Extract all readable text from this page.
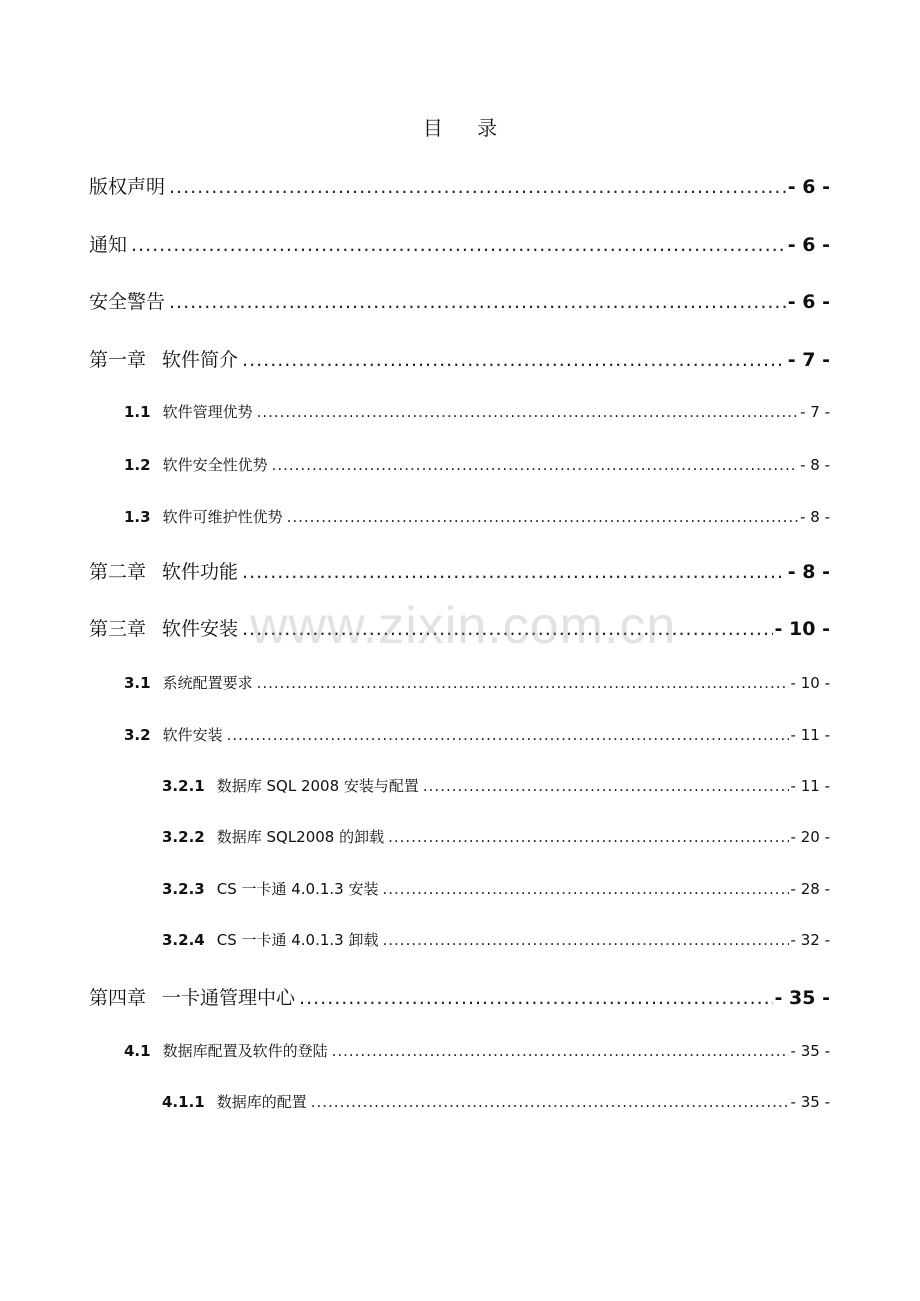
目 录
版权声明 .....	- 6 -
通知 .....	- 6 -
安全警告 .....	- 6 -
第一章 软件简介 .....	- 7 -
1.1 软件管理优势 .....	- 7 -
1.2 软件安全性优势 .....	- 8 -
1.3 软件可维护性优势 .....	- 8 -
第二章 软件功能 .....	- 8 -
第三章 软件安装 .....	- 10 -
3.1 系统配置要求 .....	- 10 -
3.2 软件安装 .....	- 11 -
3.2.1 数据库 SQL 2008 安装与配置 .....	- 11 -
3.2.2 数据库 SQL2008 的卸载 .....	- 20 -
3.2.3 CS 一卡通 4.0.1.3 安装 .....	- 28 -
3.2.4 CS 一卡通 4.0.1.3 卸载 .....	- 32 -
第四章 一卡通管理中心 .....	- 35 -
4.1 数据库配置及软件的登陆 .....	- 35 -
4.1.1 数据库的配置 .....	- 35 -
www.zixin.com.cn
